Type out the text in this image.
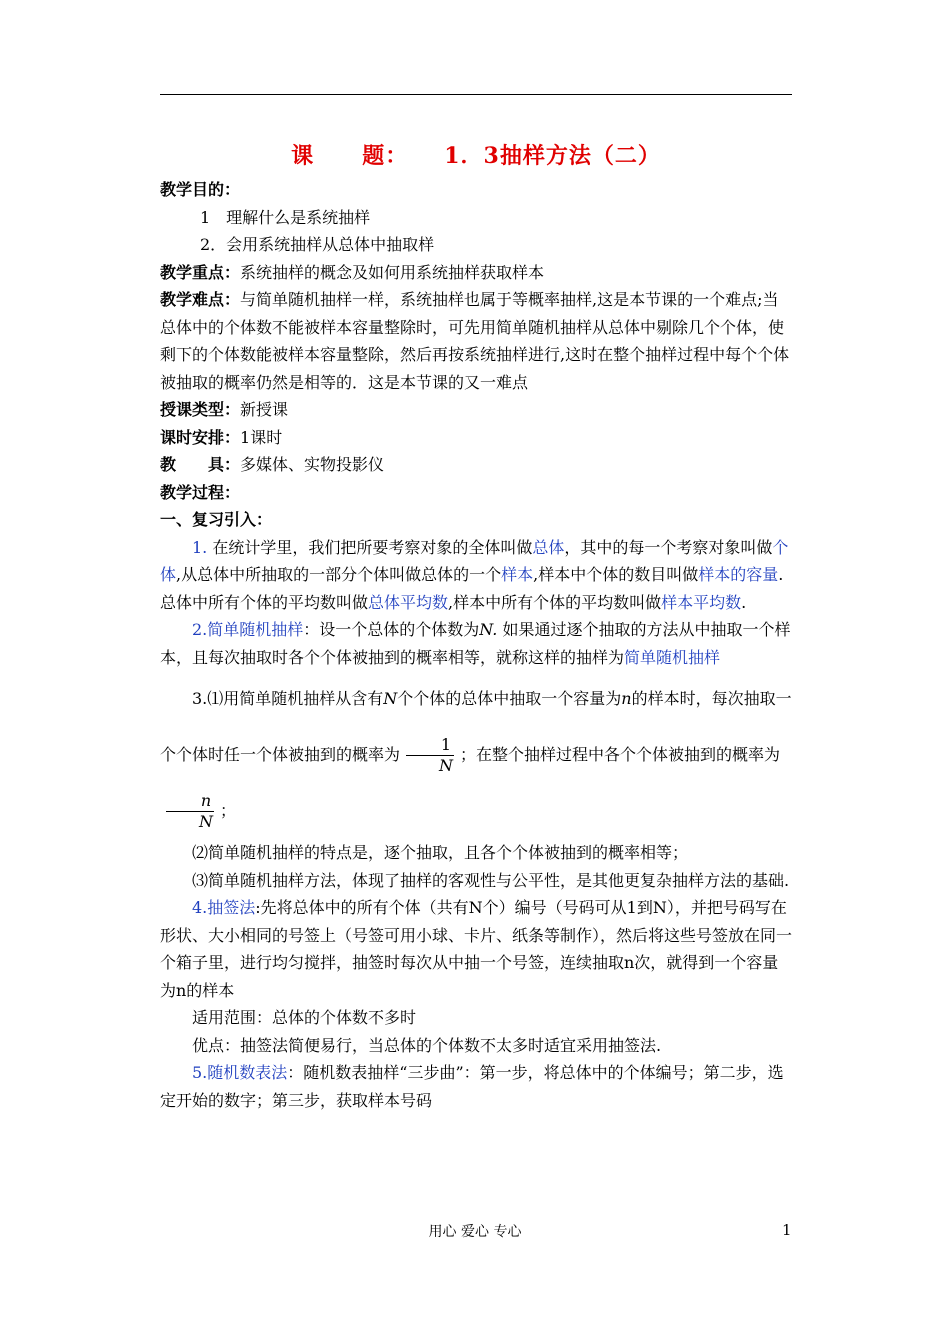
课 题： 1．3抽样方法（二）

教学目的：

1　理解什么是系统抽样

2．会用系统抽样从总体中抽取样

教学重点：系统抽样的概念及如何用系统抽样获取样本

教学难点：与简单随机抽样一样，系统抽样也属于等概率抽样,这是本节课的一个难点;当总体中的个体数不能被样本容量整除时，可先用简单随机抽样从总体中剔除几个个体，使剩下的个体数能被样本容量整除，然后再按系统抽样进行,这时在整个抽样过程中每个个体被抽取的概率仍然是相等的．这是本节课的又一难点

授课类型：新授课

课时安排：1课时

教　　具：多媒体、实物投影仪

教学过程：

一、复习引入：

1. 在统计学里，我们把所要考察对象的全体叫做总体，其中的每一个考察对象叫做个体,从总体中所抽取的一部分个体叫做总体的一个样本,样本中个体的数目叫做样本的容量.总体中所有个体的平均数叫做总体平均数,样本中所有个体的平均数叫做样本平均数.

2.简单随机抽样：设一个总体的个体数为N. 如果通过逐个抽取的方法从中抽取一个样本，且每次抽取时各个个体被抽到的概率相等，就称这样的抽样为简单随机抽样

3.⑴用简单随机抽样从含有N个个体的总体中抽取一个容量为n的样本时，每次抽取一个个体时任一个体被抽到的概率为 $\frac{1}{N}$ ；在整个抽样过程中各个个体被抽到的概率为
$\frac{n}{N}$ ；

⑵简单随机抽样的特点是，逐个抽取，且各个个体被抽到的概率相等；

⑶简单随机抽样方法，体现了抽样的客观性与公平性，是其他更复杂抽样方法的基础.

4.抽签法:先将总体中的所有个体（共有N个）编号（号码可从1到N），并把号码写在形状、大小相同的号签上（号签可用小球、卡片、纸条等制作），然后将这些号签放在同一个箱子里，进行均匀搅拌，抽签时每次从中抽一个号签，连续抽取n次，就得到一个容量为n的样本

适用范围：总体的个体数不多时

优点：抽签法简便易行，当总体的个体数不太多时适宜采用抽签法.

5.随机数表法：随机数表抽样“三步曲”：第一步，将总体中的个体编号；第二步，选定开始的数字；第三步，获取样本号码

用心 爱心 专心	1
